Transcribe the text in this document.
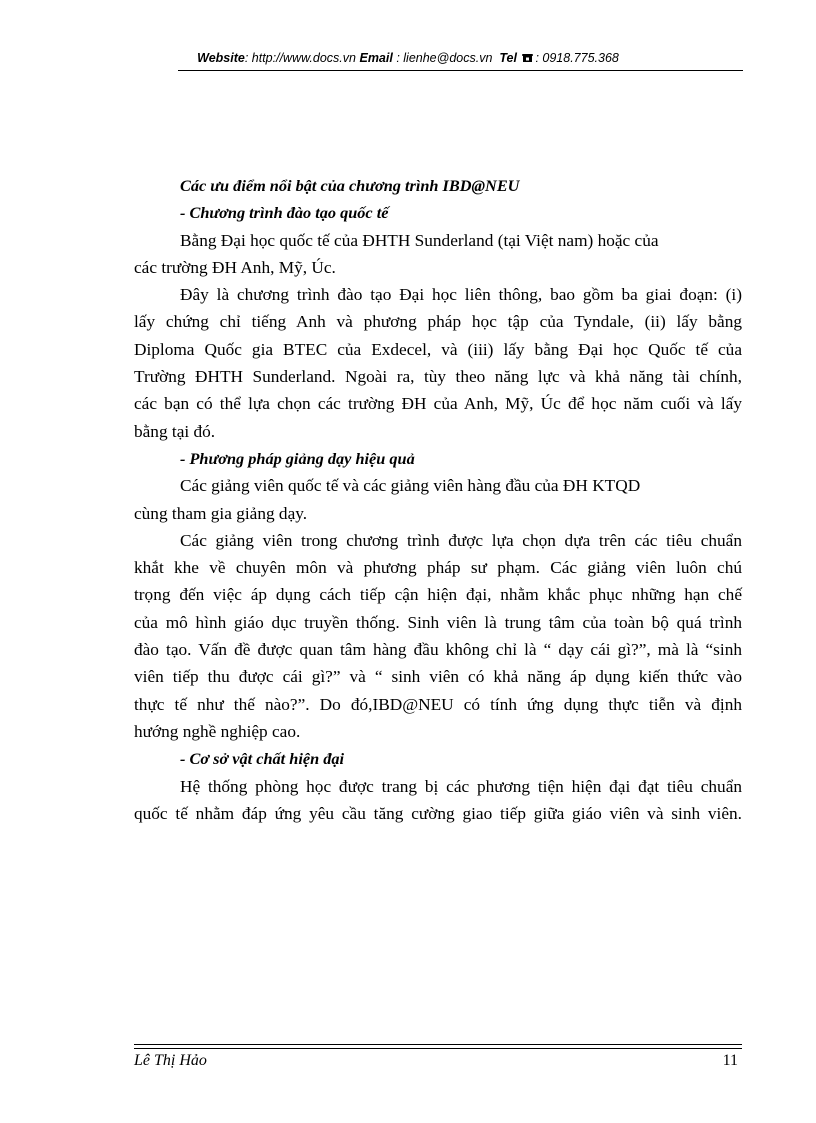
Website: http://www.docs.vn Email : lienhe@docs.vn Tel : 0918.775.368
Các ưu điểm nổi bật của chương trình IBD@NEU
- Chương trình đào tạo quốc tế
Bằng Đại học quốc tế của ĐHTH Sunderland (tại Việt nam) hoặc của
các trường ĐH Anh, Mỹ, Úc.
Đây là chương trình đào tạo Đại học liên thông, bao gồm ba giai đoạn: (i)
lấy chứng chỉ tiếng Anh và phương pháp học tập của Tyndale, (ii) lấy bằng
Diploma Quốc gia BTEC của Exdecel, và (iii) lấy bằng Đại học Quốc tế của
Trường ĐHTH Sunderland. Ngoài ra, tùy theo năng lực và khả năng tài chính,
các bạn có thể lựa chọn các trường ĐH của Anh, Mỹ, Úc để học năm cuối và lấy
bằng tại đó.
- Phương pháp giảng dạy hiệu quả
Các giảng viên quốc tế và các giảng viên hàng đầu của ĐH KTQD
cùng tham gia giảng dạy.
Các giảng viên trong chương trình được lựa chọn dựa trên các tiêu chuẩn
khắt khe về chuyên môn và phương pháp sư phạm. Các giảng viên luôn chú
trọng đến việc áp dụng cách tiếp cận hiện đại, nhằm khắc phục những hạn chế
của mô hình giáo dục truyền thống. Sinh viên là trung tâm của toàn bộ quá trình
đào tạo. Vấn đề được quan tâm hàng đầu không chỉ là “ dạy cái gì?”, mà là “sinh
viên tiếp thu được cái gì?” và “ sinh viên có khả năng áp dụng kiến thức vào
thực tế như thế nào?”. Do đó,IBD@NEU có tính ứng dụng thực tiễn và định
hướng nghề nghiệp cao.
- Cơ sở vật chất hiện đại
Hệ thống phòng học được trang bị các phương tiện hiện đại đạt tiêu chuẩn
quốc tế nhằm đáp ứng yêu cầu tăng cường giao tiếp giữa giáo viên và sinh viên.
Lê Thị Hảo	11
